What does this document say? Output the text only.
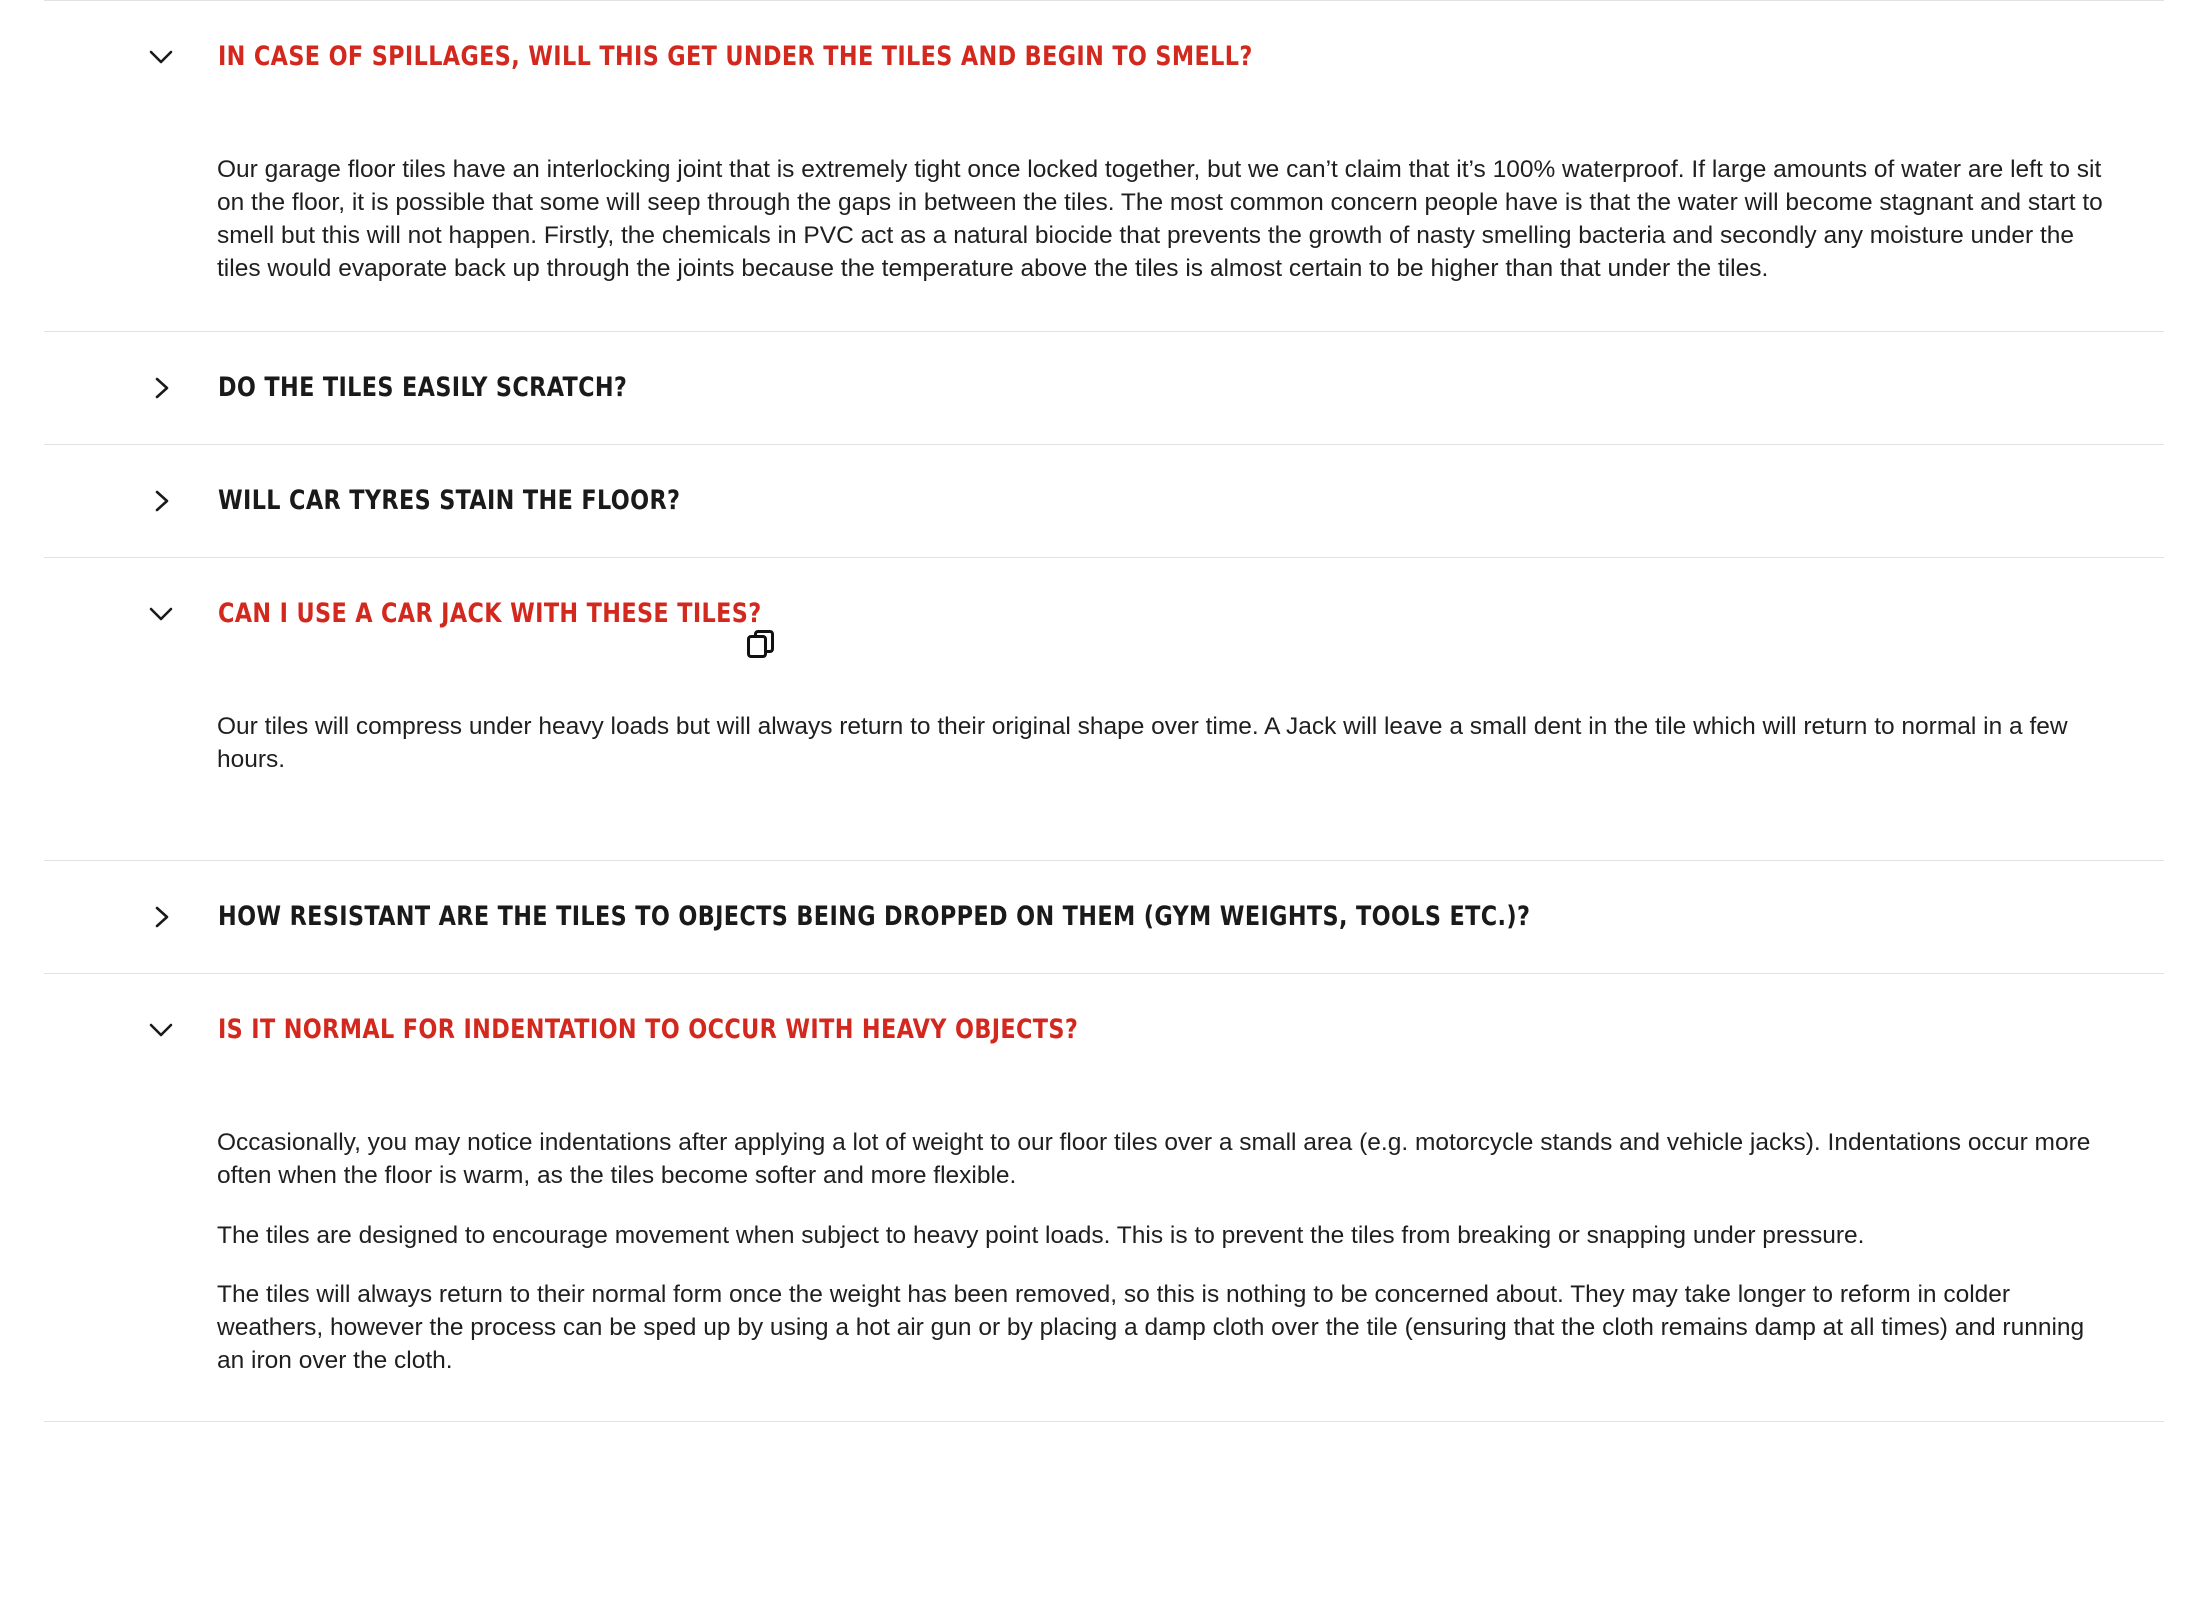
IN CASE OF SPILLAGES, WILL THIS GET UNDER THE TILES AND BEGIN TO SMELL?

Our garage floor tiles have an interlocking joint that is extremely tight once locked together, but we can’t claim that it’s 100% waterproof. If large amounts of water are left to sit on the floor, it is possible that some will seep through the gaps in between the tiles. The most common concern people have is that the water will become stagnant and start to smell but this will not happen. Firstly, the chemicals in PVC act as a natural biocide that prevents the growth of nasty smelling bacteria and secondly any moisture under the tiles would evaporate back up through the joints because the temperature above the tiles is almost certain to be higher than that under the tiles.

DO THE TILES EASILY SCRATCH?
WILL CAR TYRES STAIN THE FLOOR?
CAN I USE A CAR JACK WITH THESE TILES?

Our tiles will compress under heavy loads but will always return to their original shape over time. A Jack will leave a small dent in the tile which will return to normal in a few hours.

HOW RESISTANT ARE THE TILES TO OBJECTS BEING DROPPED ON THEM (GYM WEIGHTS, TOOLS ETC.)?
IS IT NORMAL FOR INDENTATION TO OCCUR WITH HEAVY OBJECTS?

Occasionally, you may notice indentations after applying a lot of weight to our floor tiles over a small area (e.g. motorcycle stands and vehicle jacks). Indentations occur more often when the floor is warm, as the tiles become softer and more flexible.

The tiles are designed to encourage movement when subject to heavy point loads. This is to prevent the tiles from breaking or snapping under pressure.

The tiles will always return to their normal form once the weight has been removed, so this is nothing to be concerned about. They may take longer to reform in colder weathers, however the process can be sped up by using a hot air gun or by placing a damp cloth over the tile (ensuring that the cloth remains damp at all times) and running an iron over the cloth.
